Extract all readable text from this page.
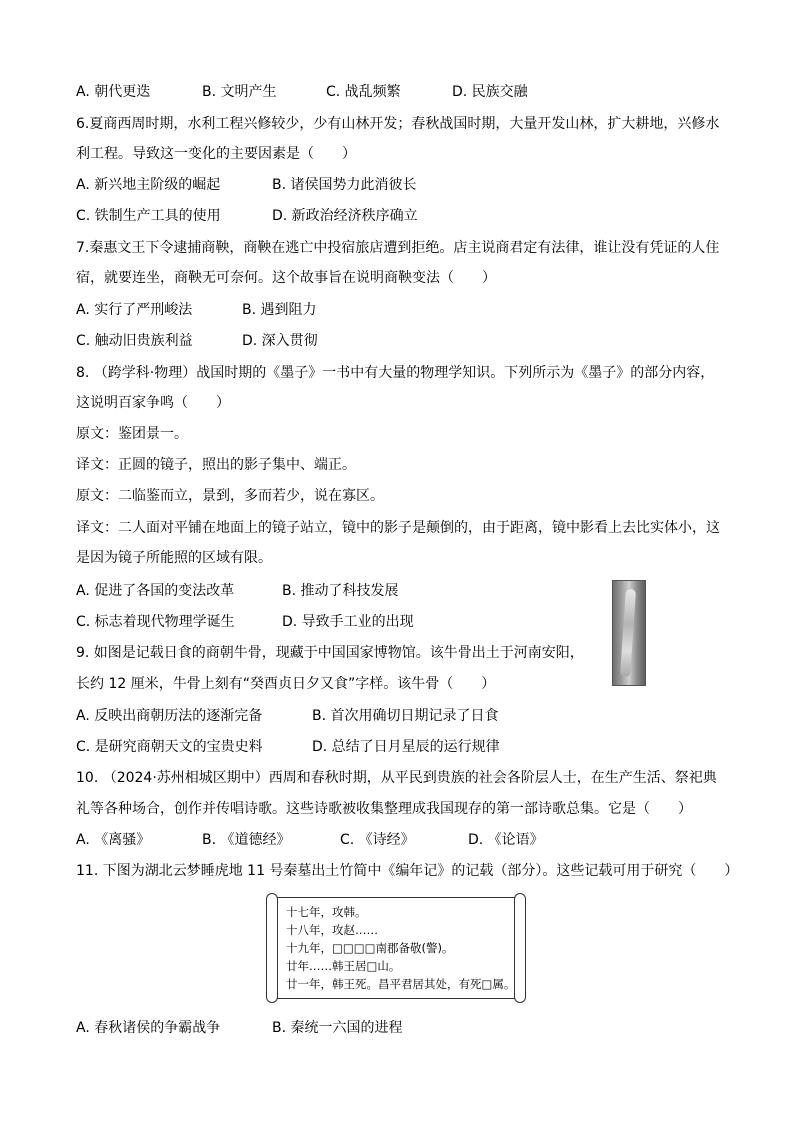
A. 朝代更迭	B. 文明产生	C. 战乱频繁	D. 民族交融
6.夏商西周时期，水利工程兴修较少，少有山林开发；春秋战国时期，大量开发山林，扩大耕地，兴修水
利工程。导致这一变化的主要因素是（　　）
A. 新兴地主阶级的崛起	B. 诸侯国势力此消彼长
C. 铁制生产工具的使用	D. 新政治经济秩序确立
7.秦惠文王下令逮捕商鞅，商鞅在逃亡中投宿旅店遭到拒绝。店主说商君定有法律，谁让没有凭证的人住
宿，就要连坐，商鞅无可奈何。这个故事旨在说明商鞅变法（　　）
A. 实行了严刑峻法	B. 遇到阻力
C. 触动旧贵族利益	D. 深入贯彻
8. （跨学科·物理）战国时期的《墨子》一书中有大量的物理学知识。下列所示为《墨子》的部分内容，
这说明百家争鸣（　　）
原文：鉴团景一。
译文：正圆的镜子，照出的影子集中、端正。
原文：二临鉴而立，景到，多而若少，说在寡区。
译文：二人面对平铺在地面上的镜子站立，镜中的影子是颠倒的，由于距离，镜中影看上去比实体小，这
是因为镜子所能照的区域有限。
A. 促进了各国的变法改革	B. 推动了科技发展
C. 标志着现代物理学诞生	D. 导致手工业的出现
9. 如图是记载日食的商朝牛骨，现藏于中国国家博物馆。该牛骨出土于河南安阳，
长约 12 厘米，牛骨上刻有“癸酉贞日夕又食”字样。该牛骨（　　）
A. 反映出商朝历法的逐渐完备	B. 首次用确切日期记录了日食
C. 是研究商朝天文的宝贵史料	D. 总结了日月星辰的运行规律
10. （2024·苏州相城区期中）西周和春秋时期，从平民到贵族的社会各阶层人士，在生产生活、祭祀典
礼等各种场合，创作并传唱诗歌。这些诗歌被收集整理成我国现存的第一部诗歌总集。它是（　　）
A. 《离骚》	B. 《道德经》	C. 《诗经》	D. 《论语》
11. 下图为湖北云梦睡虎地 11 号秦墓出土竹简中《编年记》的记载（部分）。这些记载可用于研究（　　）
十七年，攻韩。
十八年，攻赵……
十九年，□□□□南郡备敬(警)。
廿年……韩王居□山。
廿一年，韩王死。昌平君居其处，有死□属。
A. 春秋诸侯的争霸战争	B. 秦统一六国的进程
